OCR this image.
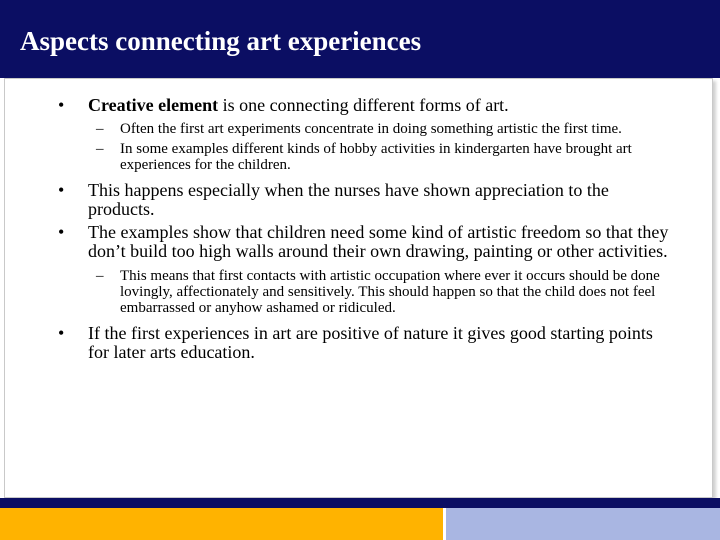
Aspects connecting art experiences
• Creative element is one connecting different forms of art.
– Often the first art experiments concentrate in doing something artistic the first time.
– In some examples different kinds of hobby activities in kindergarten have brought art experiences for the children.
• This happens especially when the nurses have shown appreciation to the products.
• The examples show that children need some kind of artistic freedom so that they don’t build too high walls around their own drawing, painting or other activities.
– This means that first contacts with artistic occupation where ever it occurs should be done lovingly, affectionately and sensitively. This should happen so that the child does not feel embarrassed or anyhow ashamed or ridiculed.
• If the first experiences in art are positive of nature it gives good starting points for later arts education.
